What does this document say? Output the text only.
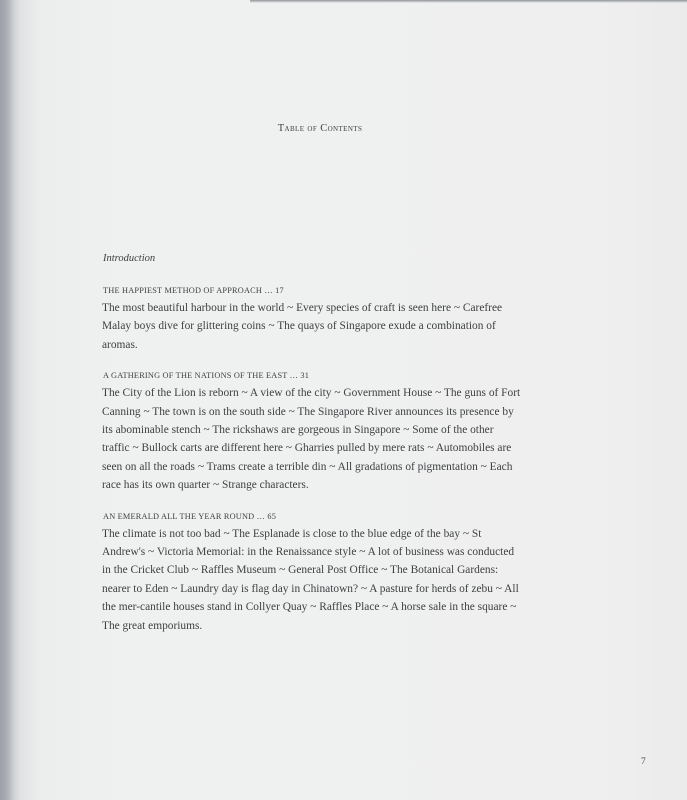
Table of Contents
Introduction
THE HAPPIEST METHOD OF APPROACH … 17

The most beautiful harbour in the world ~ Every species of craft is seen here ~ Carefree Malay boys dive for glittering coins ~ The quays of Singapore exude a combination of aromas.

A GATHERING OF THE NATIONS OF THE EAST … 31

The City of the Lion is reborn ~ A view of the city ~ Government House ~ The guns of Fort Canning ~ The town is on the south side ~ The Singapore River announces its presence by its abominable stench ~ The rickshaws are gorgeous in Singapore ~ Some of the other traffic ~ Bullock carts are different here ~ Gharries pulled by mere rats ~ Automobiles are seen on all the roads ~ Trams create a terrible din ~ All gradations of pigmentation ~ Each race has its own quarter ~ Strange characters.

AN EMERALD ALL THE YEAR ROUND … 65

The climate is not too bad ~ The Esplanade is close to the blue edge of the bay ~ St Andrew's ~ Victoria Memorial: in the Renaissance style ~ A lot of business was conducted in the Cricket Club ~ Raffles Museum ~ General Post Office ~ The Botanical Gardens: nearer to Eden ~ Laundry day is flag day in Chinatown? ~ A pasture for herds of zebu ~ All the mer-cantile houses stand in Collyer Quay ~ Raffles Place ~ A horse sale in the square ~ The great emporiums.

7
